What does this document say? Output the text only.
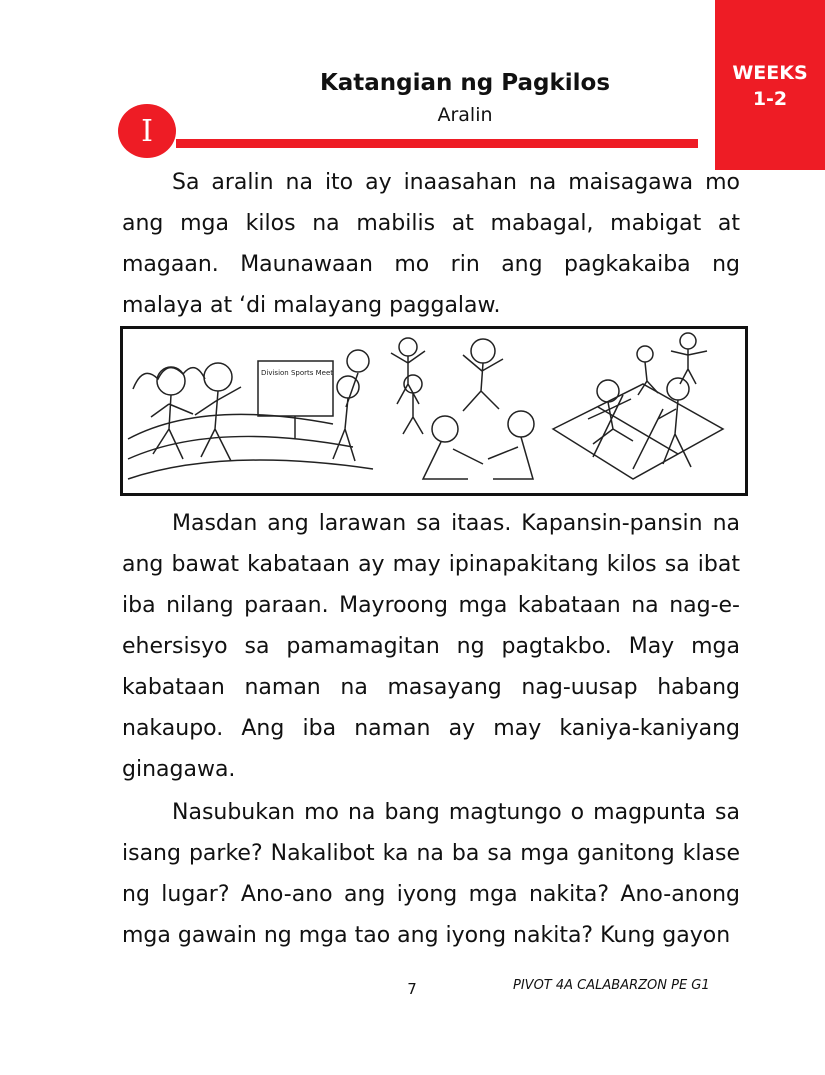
WEEKS
1-2
Katangian ng Pagkilos
Aralin
I

Sa aralin na ito ay inaasahan na maisagawa mo ang mga kilos na mabilis at mabagal, mabigat at magaan. Maunawaan mo rin ang pagkakaiba ng malaya at ‘di malayang paggalaw.

Division Sports Meet

Masdan ang larawan sa itaas. Kapansin-pansin na ang bawat kabataan ay may ipinapakitang kilos sa ibat iba nilang paraan. Mayroong mga kabataan na nag-e-ehersisyo sa pamamagitan ng pagtakbo. May mga kabataan naman na masayang nag-uusap habang nakaupo. Ang iba naman ay may kaniya-kaniyang ginagawa.

Nasubukan mo na bang magtungo o magpunta sa isang parke? Nakalibot ka na ba sa mga ganitong klase ng lugar? Ano-ano ang iyong mga nakita? Ano-anong mga gawain ng mga tao ang iyong nakita? Kung gayon

7	PIVOT 4A CALABARZON PE G1
